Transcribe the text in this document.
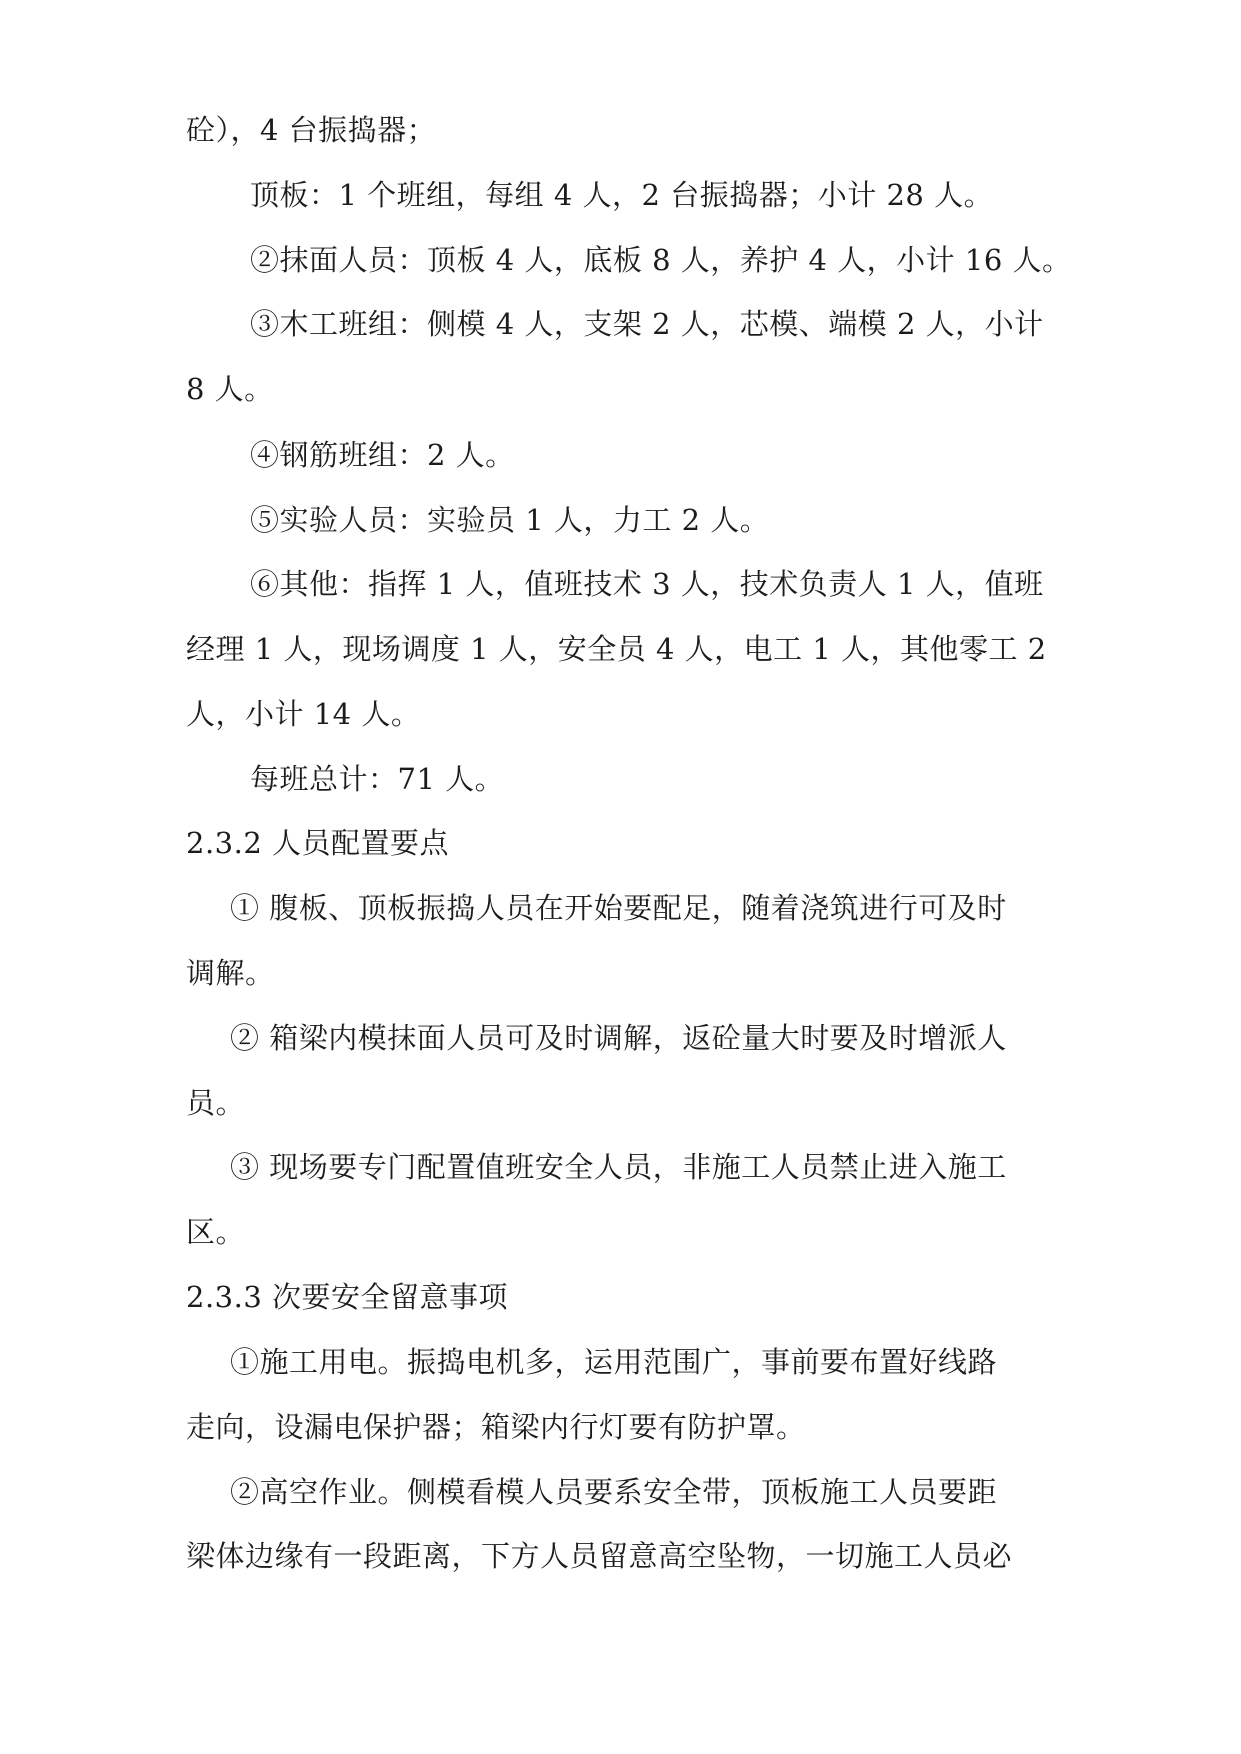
砼），4 台振捣器；

顶板：1 个班组，每组 4 人，2 台振捣器；小计 28 人。

②抹面人员：顶板 4 人，底板 8 人，养护 4 人，小计 16 人。

③木工班组：侧模 4 人，支架 2 人，芯模、端模 2 人，小计

8 人。

④钢筋班组：2 人。

⑤实验人员：实验员 1 人，力工 2 人。

⑥其他：指挥 1 人，值班技术 3 人，技术负责人 1 人，值班

经理 1 人，现场调度 1 人，安全员 4 人，电工 1 人，其他零工 2

人，小计 14 人。

每班总计：71 人。

2.3.2 人员配置要点

① 腹板、顶板振捣人员在开始要配足，随着浇筑进行可及时

调解。

② 箱梁内模抹面人员可及时调解，返砼量大时要及时增派人

员。

③ 现场要专门配置值班安全人员，非施工人员禁止进入施工

区。

2.3.3 次要安全留意事项

①施工用电。振捣电机多，运用范围广，事前要布置好线路

走向，设漏电保护器；箱梁内行灯要有防护罩。

②高空作业。侧模看模人员要系安全带，顶板施工人员要距

梁体边缘有一段距离，下方人员留意高空坠物，一切施工人员必
